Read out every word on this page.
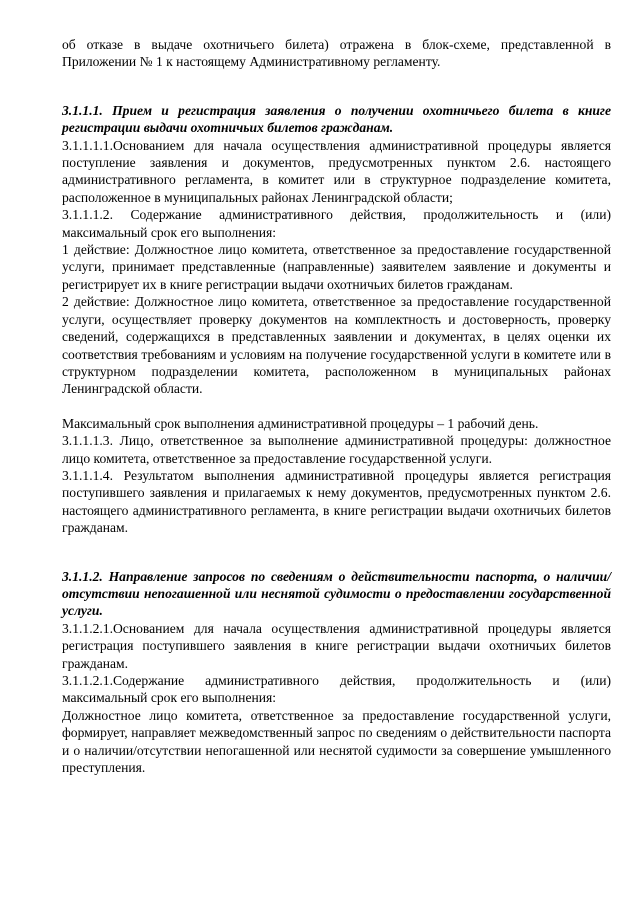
об отказе в выдаче охотничьего билета) отражена в блок-схеме, представленной в Приложении № 1 к настоящему Административному регламенту.

3.1.1.1. Прием и регистрация заявления о получении охотничьего билета в книге регистрации выдачи охотничьих билетов гражданам.

3.1.1.1.1.Основанием для начала осуществления административной процедуры является поступление заявления и документов, предусмотренных пунктом 2.6. настоящего административного регламента, в комитет или в структурное подразделение комитета, расположенное в муниципальных районах Ленинградской области;

3.1.1.1.2. Содержание административного действия, продолжительность и (или) максимальный срок его выполнения:

1 действие: Должностное лицо комитета, ответственное за предоставление государственной услуги, принимает представленные (направленные) заявителем заявление и документы и регистрирует их в книге регистрации выдачи охотничьих билетов гражданам.

2 действие: Должностное лицо комитета, ответственное за предоставление государственной услуги, осуществляет проверку документов на комплектность и достоверность, проверку сведений, содержащихся в представленных заявлении и документах, в целях оценки их соответствия требованиям и условиям на получение государственной услуги в комитете или в структурном подразделении комитета, расположенном в муниципальных районах Ленинградской области.

Максимальный срок выполнения административной процедуры – 1 рабочий день.

3.1.1.1.3. Лицо, ответственное за выполнение административной процедуры: должностное лицо комитета, ответственное за предоставление государственной услуги.

3.1.1.1.4. Результатом выполнения административной процедуры является регистрация поступившего заявления и прилагаемых к нему документов, предусмотренных пунктом 2.6. настоящего административного регламента, в книге регистрации выдачи охотничьих билетов гражданам.

3.1.1.2. Направление запросов по сведениям о действительности паспорта, о наличии/отсутствии непогашенной или неснятой судимости о предоставлении государственной услуги.

3.1.1.2.1.Основанием для начала осуществления административной процедуры является регистрация поступившего заявления в книге регистрации выдачи охотничьих билетов гражданам.

3.1.1.2.1.Содержание административного действия, продолжительность и (или) максимальный срок его выполнения:

Должностное лицо комитета, ответственное за предоставление государственной услуги, формирует, направляет межведомственный запрос по сведениям о действительности паспорта и о наличии/отсутствии непогашенной или неснятой судимости за совершение умышленного преступления.
